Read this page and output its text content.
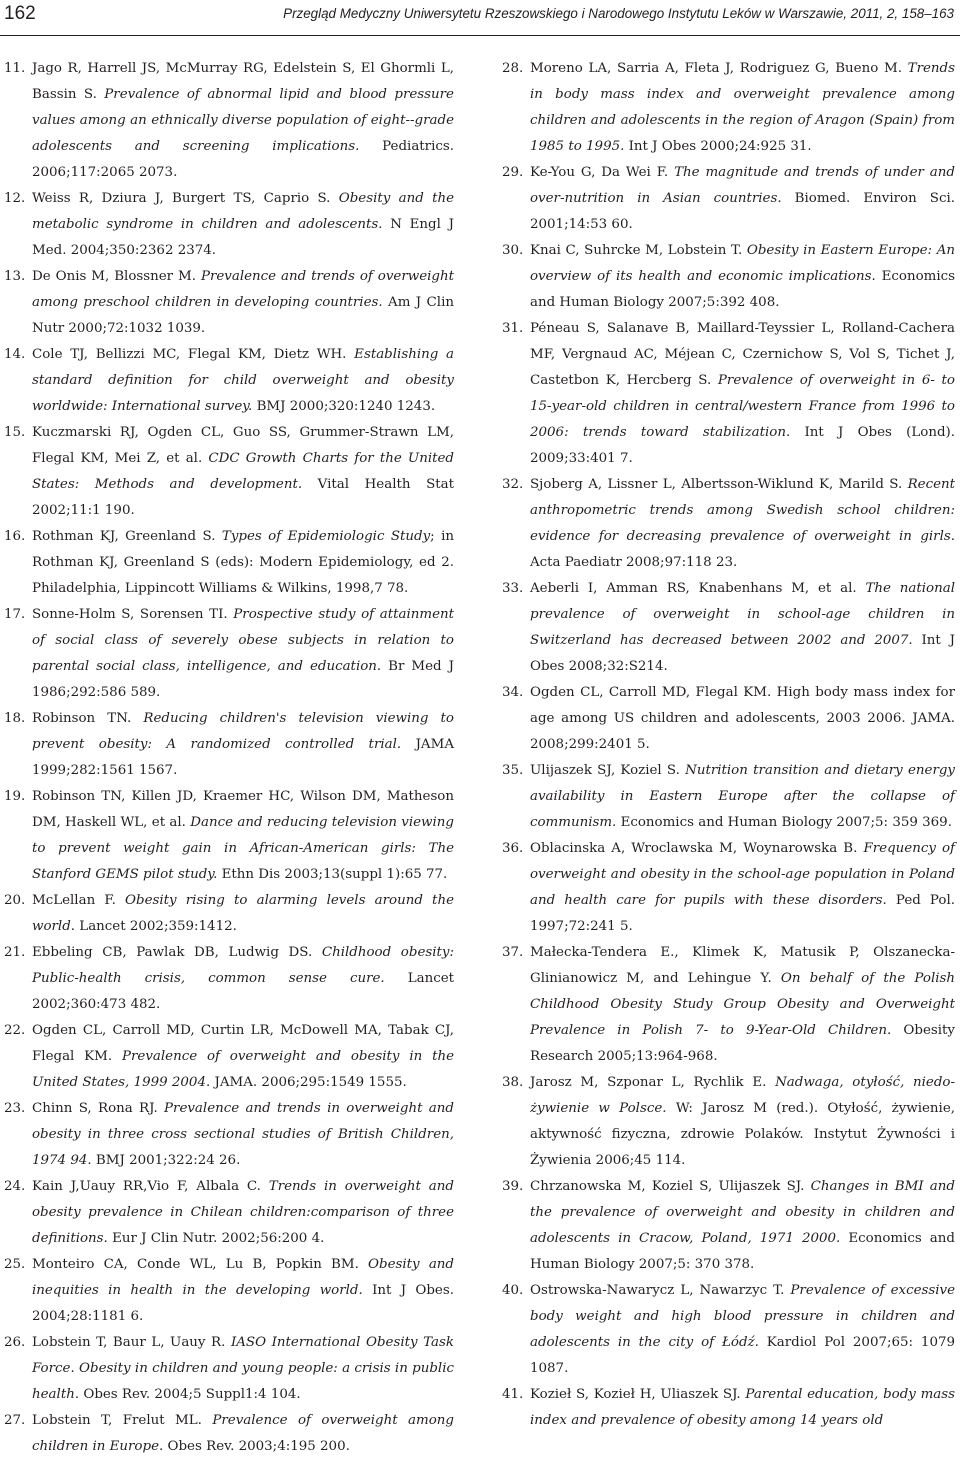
162	Przegląd Medyczny Uniwersytetu Rzeszowskiego i Narodowego Instytutu Leków w Warszawie, 2011, 2, 158–163
11. Jago R, Harrell JS, McMurray RG, Edelstein S, El Ghormli L, Bassin S. Prevalence of abnormal lipid and blood pressure values among an ethnically diverse population of eight--grade adolescents and screening implications. Pediatrics. 2006;117:2065 2073.
12. Weiss R, Dziura J, Burgert TS, Caprio S. Obesity and the metabolic syndrome in children and adolescents. N Engl J Med. 2004;350:2362 2374.
13. De Onis M, Blossner M. Prevalence and trends of overweight among preschool children in developing countries. Am J Clin Nutr 2000;72:1032 1039.
14. Cole TJ, Bellizzi MC, Flegal KM, Dietz WH. Establishing a standard definition for child overweight and obesity worldwide: International survey. BMJ 2000;320:1240 1243.
15. Kuczmarski RJ, Ogden CL, Guo SS, Grummer-Strawn LM, Flegal KM, Mei Z, et al. CDC Growth Charts for the United States: Methods and development. Vital Health Stat 2002;11:1 190.
16. Rothman KJ, Greenland S. Types of Epidemiologic Study; in Rothman KJ, Greenland S (eds): Modern Epidemiology, ed 2. Philadelphia, Lippincott Williams & Wilkins, 1998,7 78.
17. Sonne-Holm S, Sorensen TI. Prospective study of attainment of social class of severely obese subjects in relation to parental social class, intelligence, and education. Br Med J 1986;292:586 589.
18. Robinson TN. Reducing children's television viewing to prevent obesity: A randomized controlled trial. JAMA 1999;282:1561 1567.
19. Robinson TN, Killen JD, Kraemer HC, Wilson DM, Matheson DM, Haskell WL, et al. Dance and reducing television viewing to prevent weight gain in African-American girls: The Stanford GEMS pilot study. Ethn Dis 2003;13(suppl 1):65 77.
20. McLellan F. Obesity rising to alarming levels around the world. Lancet 2002;359:1412.
21. Ebbeling CB, Pawlak DB, Ludwig DS. Childhood obesity: Public-health crisis, common sense cure. Lancet 2002;360:473 482.
22. Ogden CL, Carroll MD, Curtin LR, McDowell MA, Tabak CJ, Flegal KM. Prevalence of overweight and obesity in the United States, 1999 2004. JAMA. 2006;295:1549 1555.
23. Chinn S, Rona RJ. Prevalence and trends in overweight and obesity in three cross sectional studies of British Children, 1974 94. BMJ 2001;322:24 26.
24. Kain J,Uauy RR,Vio F, Albala C. Trends in overweight and obesity prevalence in Chilean children:comparison of three definitions. Eur J Clin Nutr. 2002;56:200 4.
25. Monteiro CA, Conde WL, Lu B, Popkin BM. Obesity and inequities in health in the developing world. Int J Obes. 2004;28:1181 6.
26. Lobstein T, Baur L, Uauy R. IASO International Obesity Task Force. Obesity in children and young people: a crisis in public health. Obes Rev. 2004;5 Suppl1:4 104.
27. Lobstein T, Frelut ML. Prevalence of overweight among children in Europe. Obes Rev. 2003;4:195 200.
28. Moreno LA, Sarria A, Fleta J, Rodriguez G, Bueno M. Trends in body mass index and overweight prevalence among children and adolescents in the region of Aragon (Spain) from 1985 to 1995. Int J Obes 2000;24:925 31.
29. Ke-You G, Da Wei F. The magnitude and trends of under and over-nutrition in Asian countries. Biomed. Environ Sci. 2001;14:53 60.
30. Knai C, Suhrcke M, Lobstein T. Obesity in Eastern Europe: An overview of its health and economic implications. Economics and Human Biology 2007;5:392 408.
31. Péneau S, Salanave B, Maillard-Teyssier L, Rolland-Cachera MF, Vergnaud AC, Méjean C, Czernichow S, Vol S, Tichet J, Castetbon K, Hercberg S. Prevalence of overweight in 6- to 15-year-old children in central/western France from 1996 to 2006: trends toward stabilization. Int J Obes (Lond). 2009;33:401 7.
32. Sjoberg A, Lissner L, Albertsson-Wiklund K, Marild S. Recent anthropometric trends among Swedish school children: evidence for decreasing prevalence of overweight in girls. Acta Paediatr 2008;97:118 23.
33. Aeberli I, Amman RS, Knabenhans M, et al. The national prevalence of overweight in school-age children in Switzerland has decreased between 2002 and 2007. Int J Obes 2008;32:S214.
34. Ogden CL, Carroll MD, Flegal KM. High body mass index for age among US children and adolescents, 2003 2006. JAMA. 2008;299:2401 5.
35. Ulijaszek SJ, Koziel S. Nutrition transition and dietary energy availability in Eastern Europe after the collapse of communism. Economics and Human Biology 2007;5: 359 369.
36. Oblacinska A, Wroclawska M, Woynarowska B. Frequency of overweight and obesity in the school-age population in Poland and health care for pupils with these disorders. Ped Pol. 1997;72:241 5.
37. Małecka-Tendera E., Klimek K, Matusik P, Olszanecka-Glinianowicz M, and Lehingue Y. On behalf of the Polish Childhood Obesity Study Group Obesity and Overweight Prevalence in Polish 7- to 9-Year-Old Children. Obesity Research 2005;13:964-968.
38. Jarosz M, Szponar L, Rychlik E. Nadwaga, otyłość, niedo-żywienie w Polsce. W: Jarosz M (red.). Otyłość, żywienie, aktywność fizyczna, zdrowie Polaków. Instytut Żywności i Żywienia 2006;45 114.
39. Chrzanowska M, Koziel S, Ulijaszek SJ. Changes in BMI and the prevalence of overweight and obesity in children and adolescents in Cracow, Poland, 1971 2000. Economics and Human Biology 2007;5: 370 378.
40. Ostrowska-Nawarycz L, Nawarzyc T. Prevalence of excessive body weight and high blood pressure in children and adolescents in the city of Łódź. Kardiol Pol 2007;65: 1079 1087.
41. Kozieł S, Kozieł H, Uliaszek SJ. Parental education, body mass index and prevalence of obesity among 14 years old
